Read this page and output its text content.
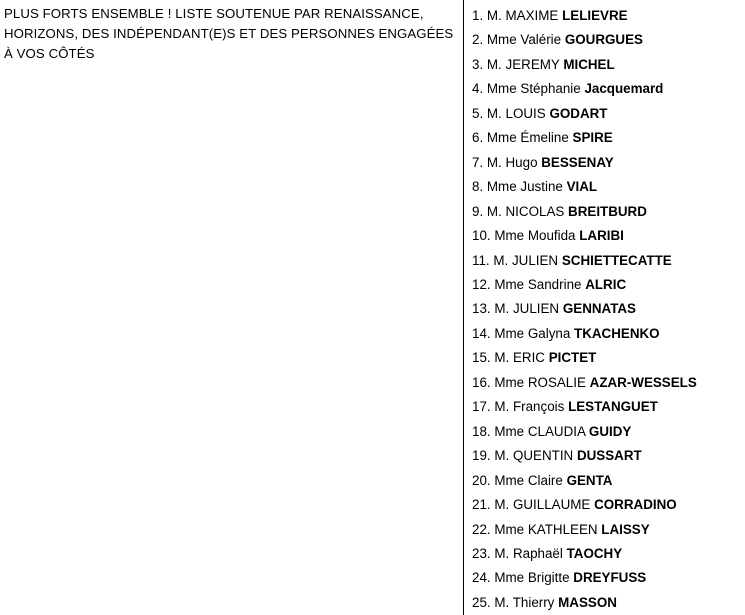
PLUS FORTS ENSEMBLE ! LISTE SOUTENUE PAR RENAISSANCE, HORIZONS, DES INDÉPENDANT(E)S ET DES PERSONNES ENGAGÉES À VOS CÔTÉS

1. M. MAXIME LELIEVRE
2. Mme Valérie GOURGUES
3. M. JEREMY MICHEL
4. Mme Stéphanie Jacquemard
5. M. LOUIS GODART
6. Mme Émeline SPIRE
7. M. Hugo BESSENAY
8. Mme Justine VIAL
9. M. NICOLAS BREITBURD
10. Mme Moufida LARIBI
11. M. JULIEN SCHIETTECATTE
12. Mme Sandrine ALRIC
13. M. JULIEN GENNATAS
14. Mme Galyna TKACHENKO
15. M. ERIC PICTET
16. Mme ROSALIE AZAR-WESSELS
17. M. François LESTANGUET
18. Mme CLAUDIA GUIDY
19. M. QUENTIN DUSSART
20. Mme Claire GENTA
21. M. GUILLAUME CORRADINO
22. Mme KATHLEEN LAISSY
23. M. Raphaël TAOCHY
24. Mme Brigitte DREYFUSS
25. M. Thierry MASSON
